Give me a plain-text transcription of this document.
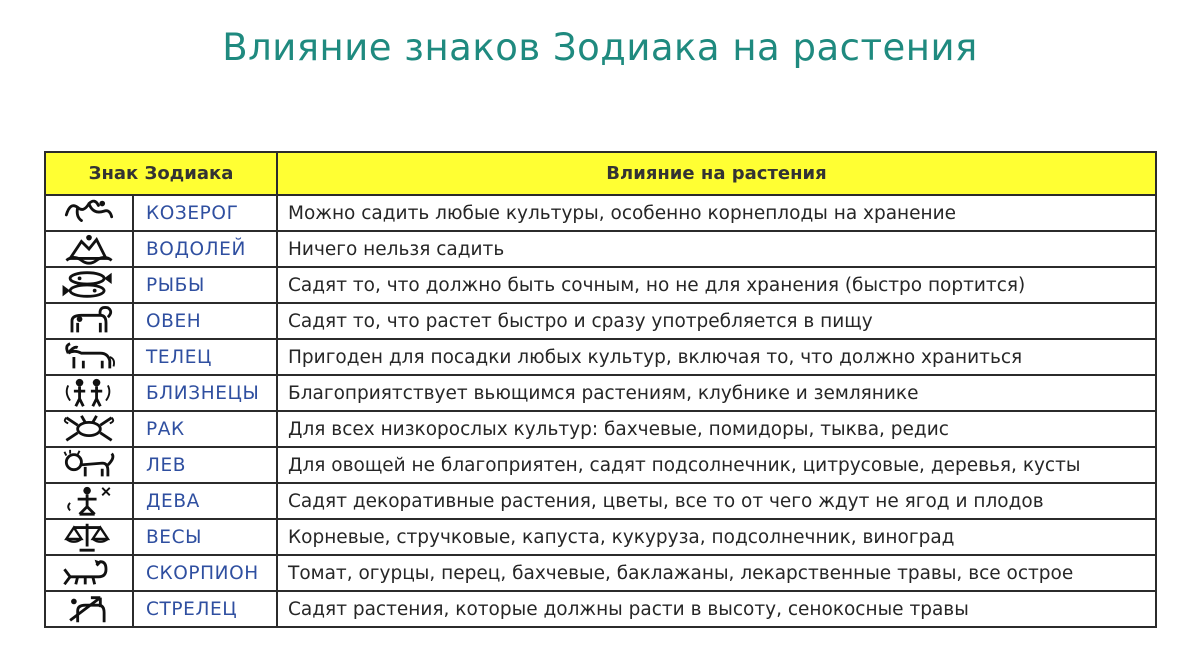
Влияние знаков Зодиака на растения
Знак Зодиака		Влияние на растения

	КОЗЕРОГ	Можно садить любые культуры, особенно корнеплоды на хранение

	ВОДОЛЕЙ	Ничего нельзя садить

	РЫБЫ	Садят то, что должно быть сочным, но не для хранения (быстро портится)

	ОВЕН	Садят то, что растет быстро и сразу употребляется в пищу

	ТЕЛЕЦ	Пригоден для посадки любых культур, включая то, что должно храниться

	БЛИЗНЕЦЫ	Благоприятствует вьющимся растениям, клубнике и землянике

	РАК	Для всех низкорослых культур: бахчевые, помидоры, тыква, редис

	ЛЕВ	Для овощей не благоприятен, садят подсолнечник, цитрусовые, деревья, кусты

	ДЕВА	Садят декоративные растения, цветы, все то от чего ждут не ягод и плодов

	ВЕСЫ	Корневые, стручковые, капуста, кукуруза, подсолнечник, виноград

	СКОРПИОН	Томат, огурцы, перец, бахчевые, баклажаны, лекарственные травы, все острое

	СТРЕЛЕЦ	Садят растения, которые должны расти в высоту, сенокосные травы
